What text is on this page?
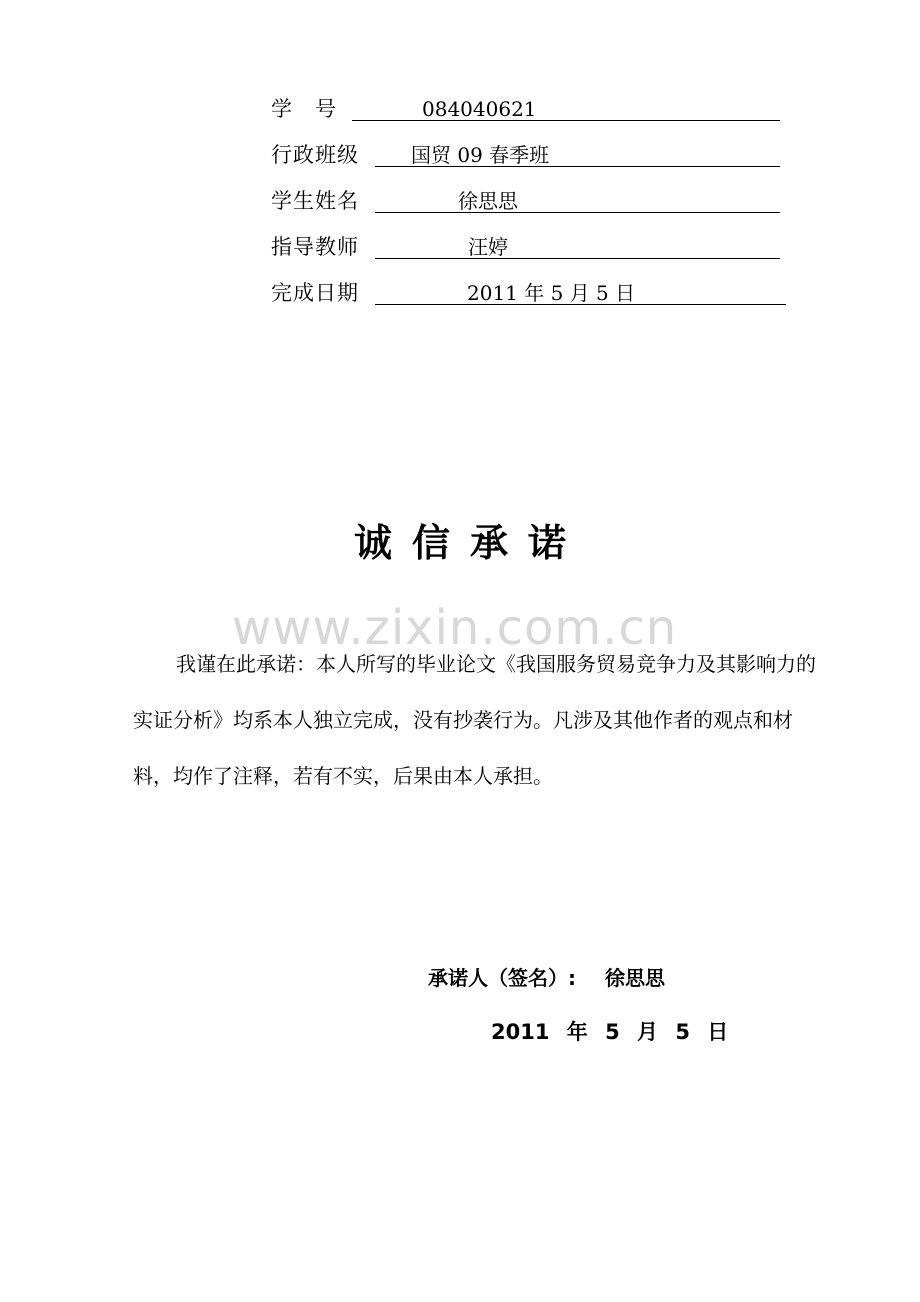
学　号	084040621
行政班级	国贸 09 春季班
学生姓名	徐思思
指导教师	汪婷
完成日期	2011 年 5 月 5 日
诚信承诺
www.zixin.com.cn
我谨在此承诺：本人所写的毕业论文《我国服务贸易竞争力及其影响力的实证分析》均系本人独立完成，没有抄袭行为。凡涉及其他作者的观点和材料，均作了注释，若有不实，后果由本人承担。
承诺人（签名）: 徐思思
2011 年 5 月 5 日
